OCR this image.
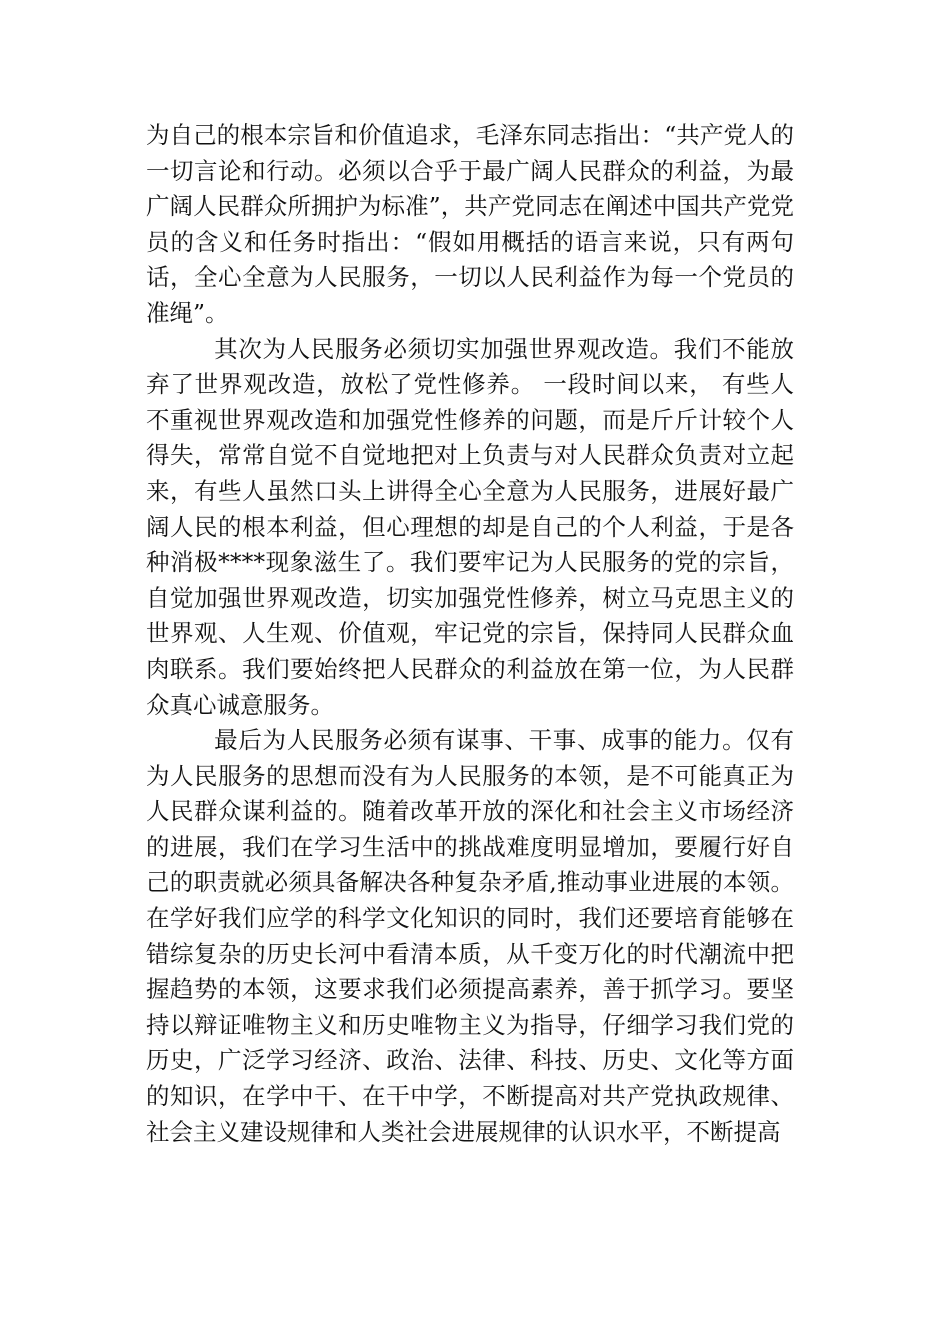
为自己的根本宗旨和价值追求，毛泽东同志指出：“共产党人的一切言论和行动。必须以合乎于最广阔人民群众的利益，为最广阔人民群众所拥护为标准”，共产党同志在阐述中国共产党党员的含义和任务时指出：“假如用概括的语言来说，只有两句话，全心全意为人民服务，一切以人民利益作为每一个党员的准绳”。

其次为人民服务必须切实加强世界观改造。我们不能放弃了世界观改造，放松了党性修养。 一段时间以来， 有些人不重视世界观改造和加强党性修养的问题，而是斤斤计较个人得失，常常自觉不自觉地把对上负责与对人民群众负责对立起来，有些人虽然口头上讲得全心全意为人民服务，进展好最广阔人民的根本利益，但心理想的却是自己的个人利益，于是各种消极****现象滋生了。我们要牢记为人民服务的党的宗旨，自觉加强世界观改造，切实加强党性修养，树立马克思主义的世界观、人生观、价值观，牢记党的宗旨，保持同人民群众血肉联系。我们要始终把人民群众的利益放在第一位，为人民群众真心诚意服务。

最后为人民服务必须有谋事、干事、成事的能力。仅有为人民服务的思想而没有为人民服务的本领，是不可能真正为人民群众谋利益的。随着改革开放的深化和社会主义市场经济的进展，我们在学习生活中的挑战难度明显增加，要履行好自己的职责就必须具备解决各种复杂矛盾,推动事业进展的本领。在学好我们应学的科学文化知识的同时，我们还要培育能够在错综复杂的历史长河中看清本质，从千变万化的时代潮流中把握趋势的本领，这要求我们必须提高素养，善于抓学习。要坚持以辩证唯物主义和历史唯物主义为指导，仔细学习我们党的历史，广泛学习经济、政治、法律、科技、历史、文化等方面的知识，在学中干、在干中学，不断提高对共产党执政规律、社会主义建设规律和人类社会进展规律的认识水平，不断提高
